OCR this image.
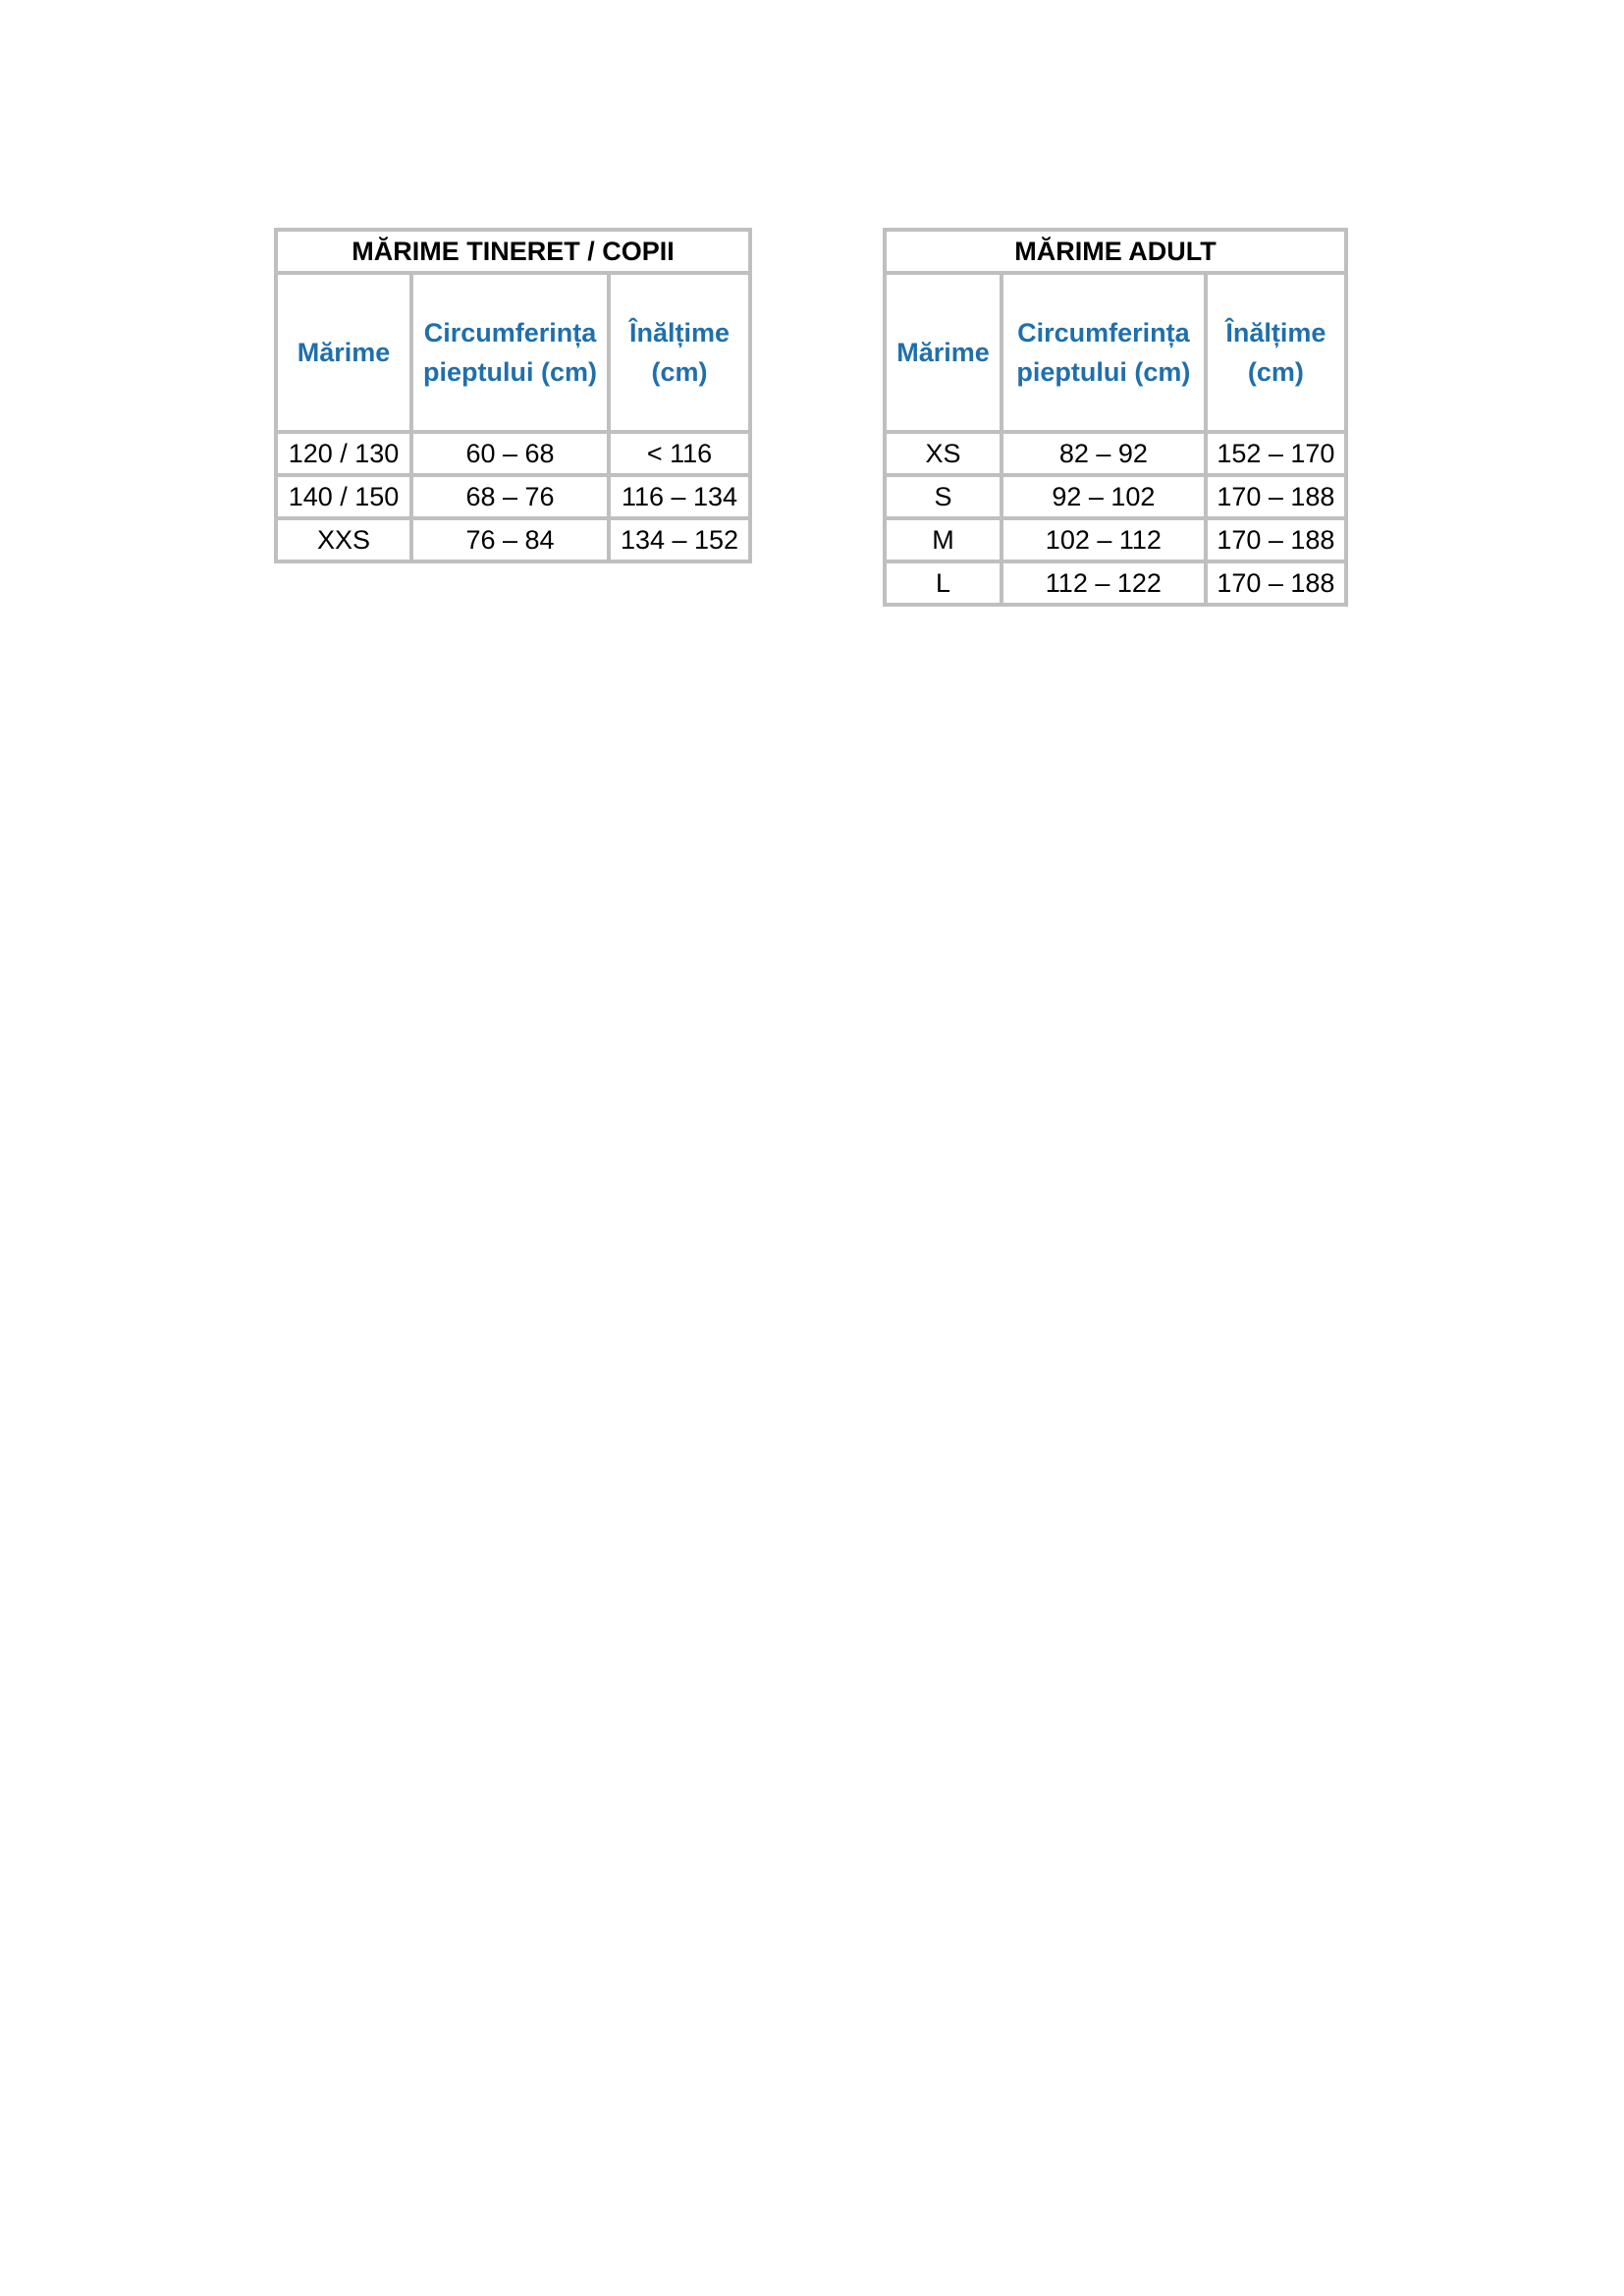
MĂRIME TINERET / COPII		
Mărime	Circumferința pieptului (cm)	Înălțime (cm)
120 / 130	60 – 68	< 116
140 / 150	68 – 76	116 – 134
XXS	76 – 84	134 – 152
MĂRIME ADULT		
Mărime	Circumferința pieptului (cm)	Înălțime (cm)
XS	82 – 92	152 – 170
S	92 – 102	170 – 188
M	102 – 112	170 – 188
L	112 – 122	170 – 188
